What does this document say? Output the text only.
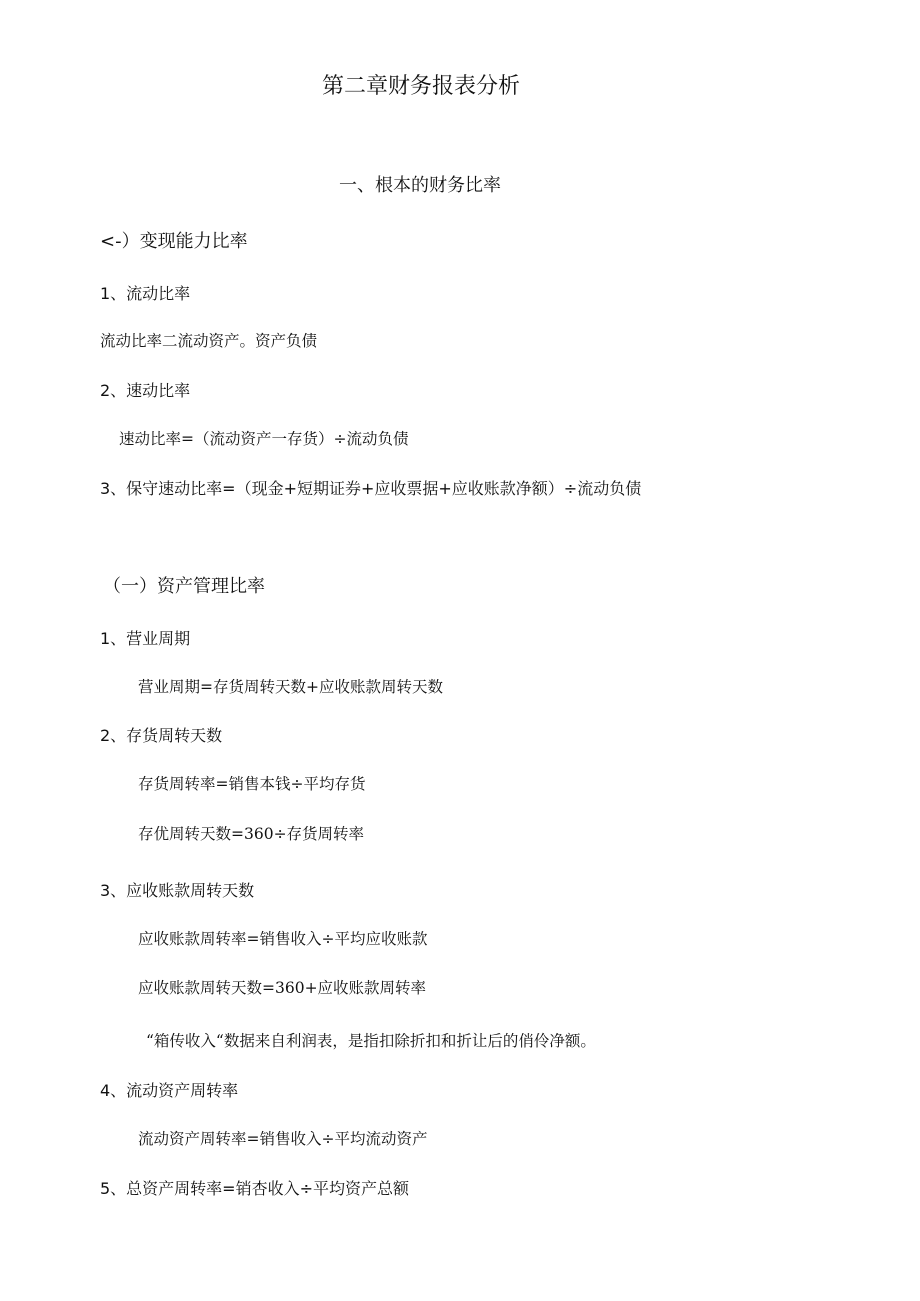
第二章财务报表分析
一、根本的财务比率
<-）变现能力比率
1、流动比率
流动比率二流动资产。资产负债
2、速动比率
速动比率=（流动资产一存货）÷流动负债
3、保守速动比率=（现金+短期证券+应收票据+应收账款净额）÷流动负债
（一）资产管理比率
1、营业周期
营业周期=存货周转天数+应收账款周转天数
2、存货周转天数
存货周转率=销售本钱÷平均存货
存优周转天数=360÷存货周转率
3、应收账款周转天数
应收账款周转率=销售收入÷平均应收账款
应收账款周转天数=360+应收账款周转率
“箱传收入“数据来自利润表，是指扣除折扣和折让后的俏伶净额。
4、流动资产周转率
流动资产周转率=销售收入÷平均流动资产
5、总资产周转率=销杏收入÷平均资产总额
